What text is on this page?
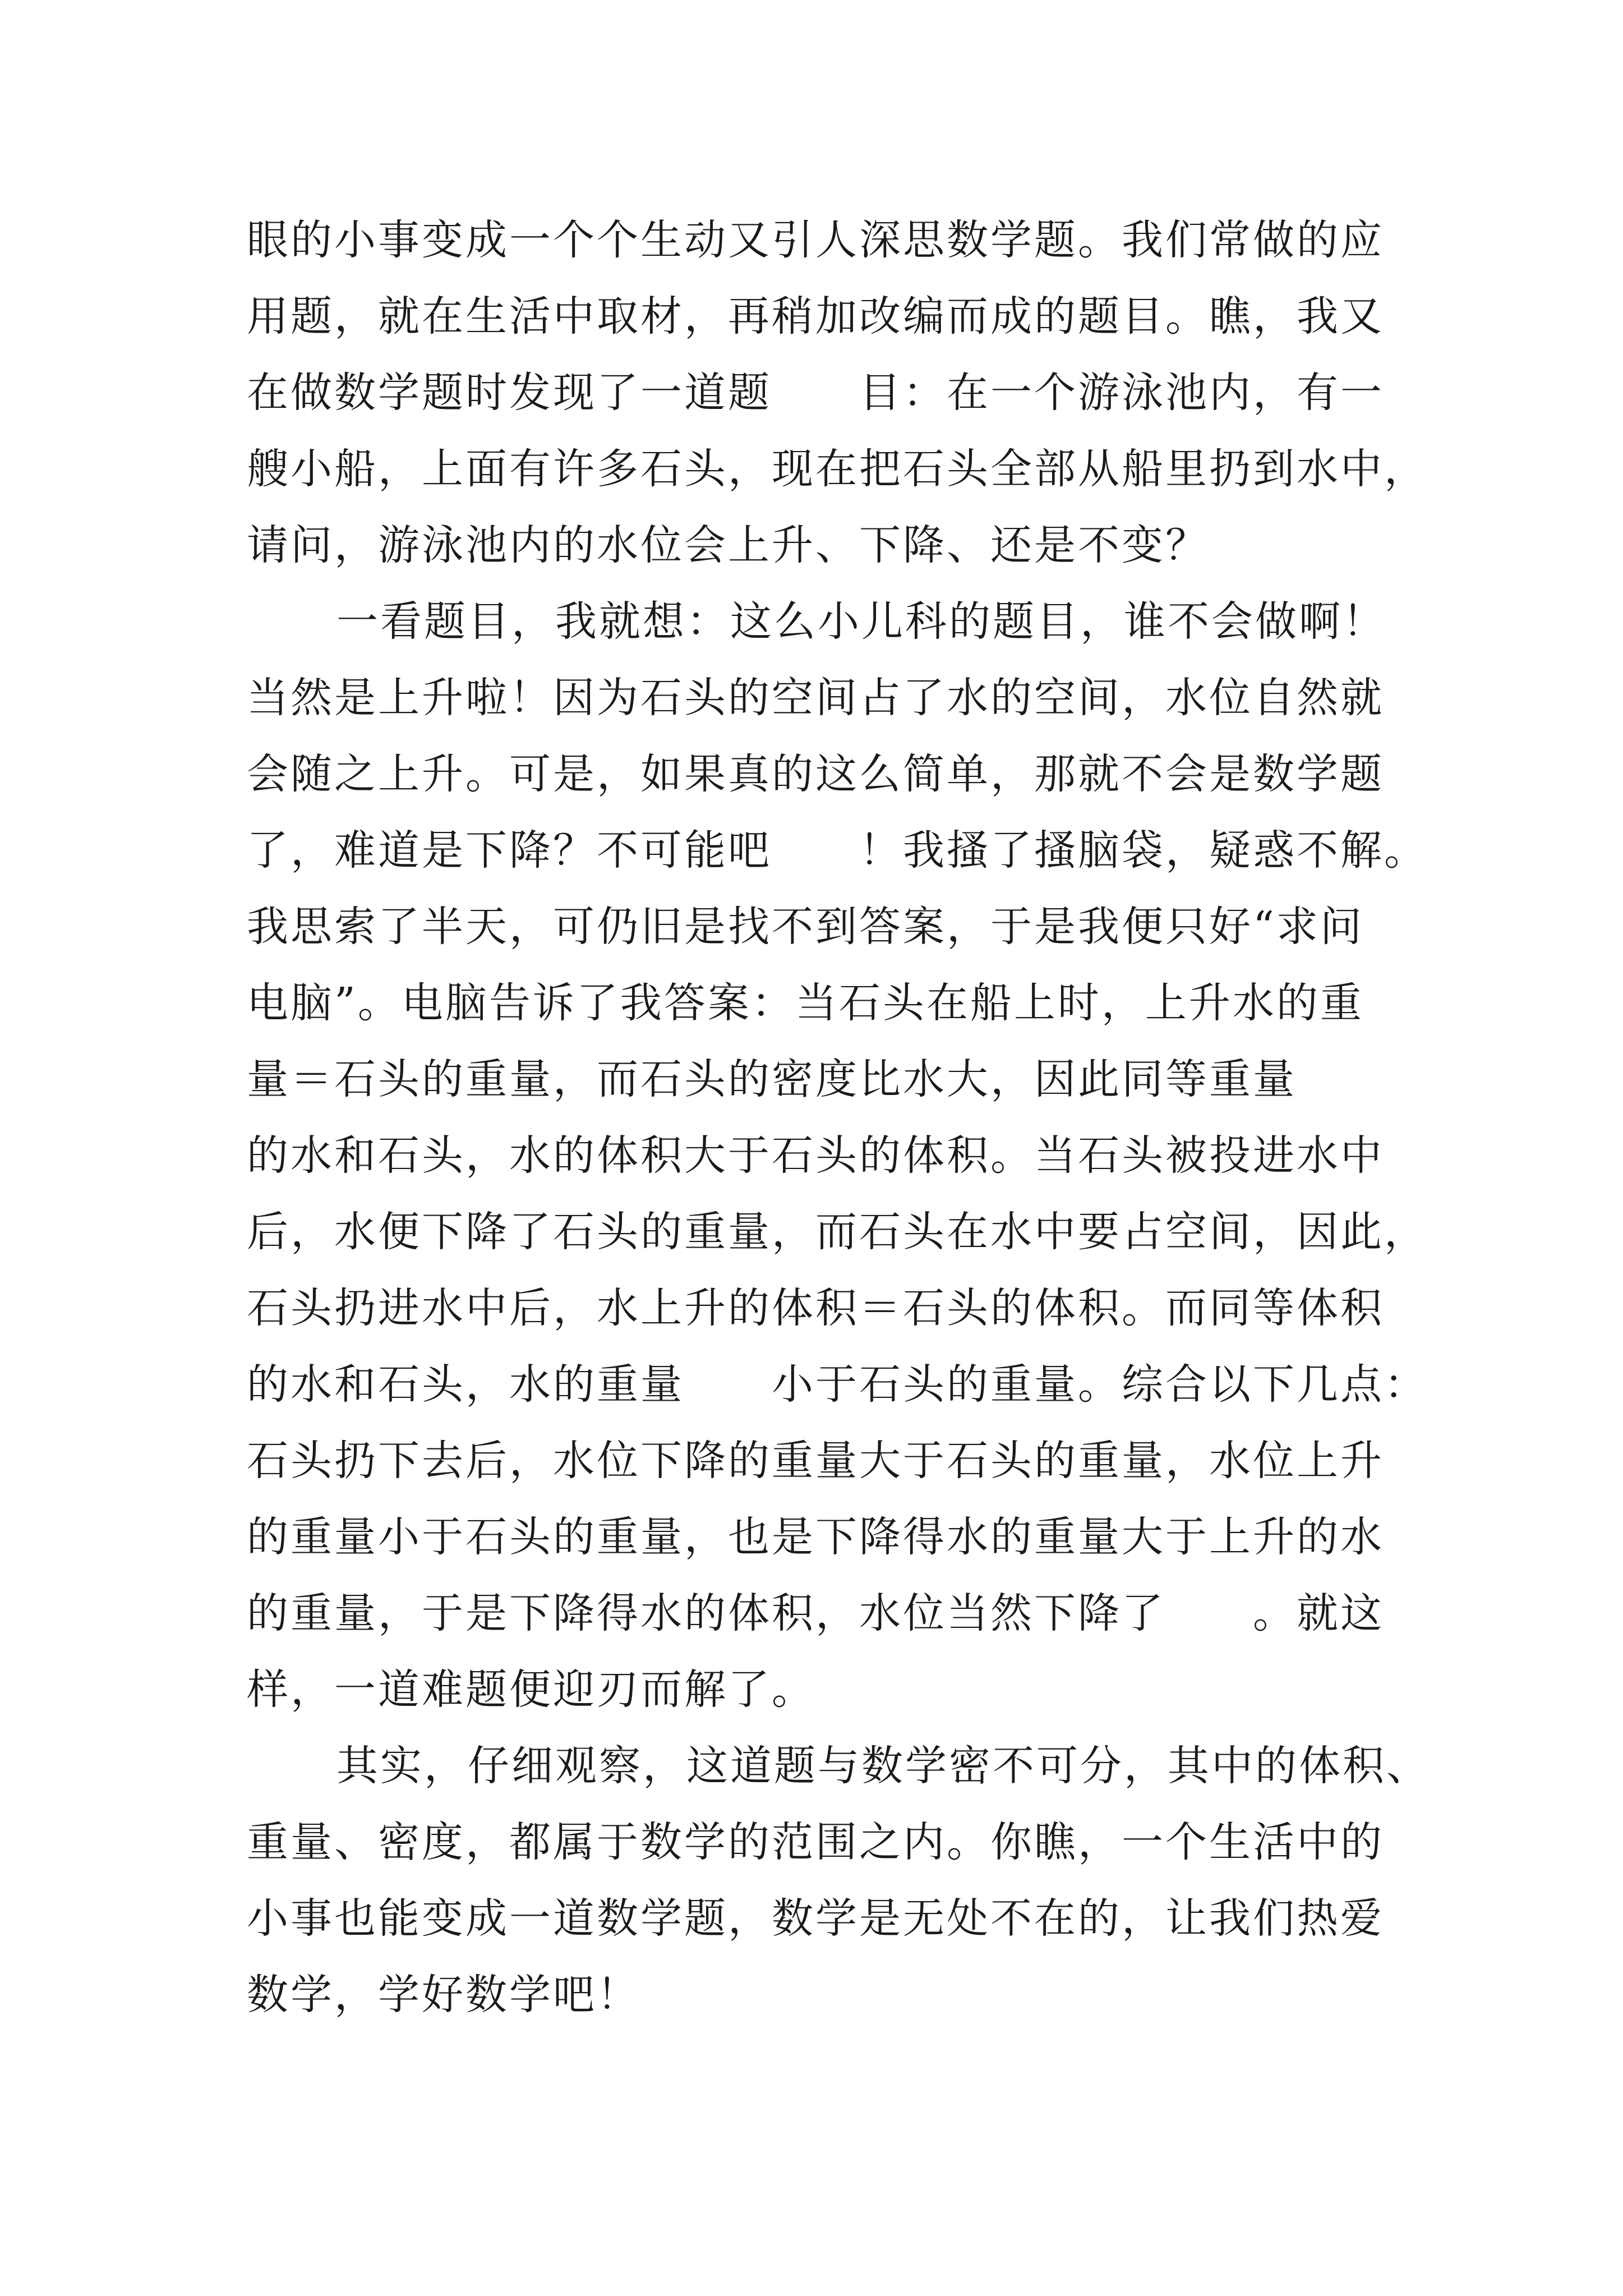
眼的小事变成一个个生动又引人深思数学题。我们常做的应
用题，就在生活中取材，再稍加改编而成的题目。瞧，我又
在做数学题时发现了一道题　　目：在一个游泳池内，有一
艘小船，上面有许多石头，现在把石头全部从船里扔到水中，
请问，游泳池内的水位会上升、下降、还是不变？
一看题目，我就想：这么小儿科的题目，谁不会做啊！
当然是上升啦！因为石头的空间占了水的空间，水位自然就
会随之上升。可是，如果真的这么简单，那就不会是数学题
了，难道是下降？不可能吧　　！我搔了搔脑袋，疑惑不解。
我思索了半天，可仍旧是找不到答案，于是我便只好“求问
电脑”。电脑告诉了我答案：当石头在船上时，上升水的重
量＝石头的重量，而石头的密度比水大，因此同等重量
的水和石头，水的体积大于石头的体积。当石头被投进水中
后，水便下降了石头的重量，而石头在水中要占空间，因此，
石头扔进水中后，水上升的体积＝石头的体积。而同等体积
的水和石头，水的重量　　小于石头的重量。综合以下几点：
石头扔下去后，水位下降的重量大于石头的重量，水位上升
的重量小于石头的重量，也是下降得水的重量大于上升的水
的重量，于是下降得水的体积，水位当然下降了　　。就这
样，一道难题便迎刃而解了。
其实，仔细观察，这道题与数学密不可分，其中的体积、
重量、密度，都属于数学的范围之内。你瞧，一个生活中的
小事也能变成一道数学题，数学是无处不在的，让我们热爱
数学，学好数学吧！
